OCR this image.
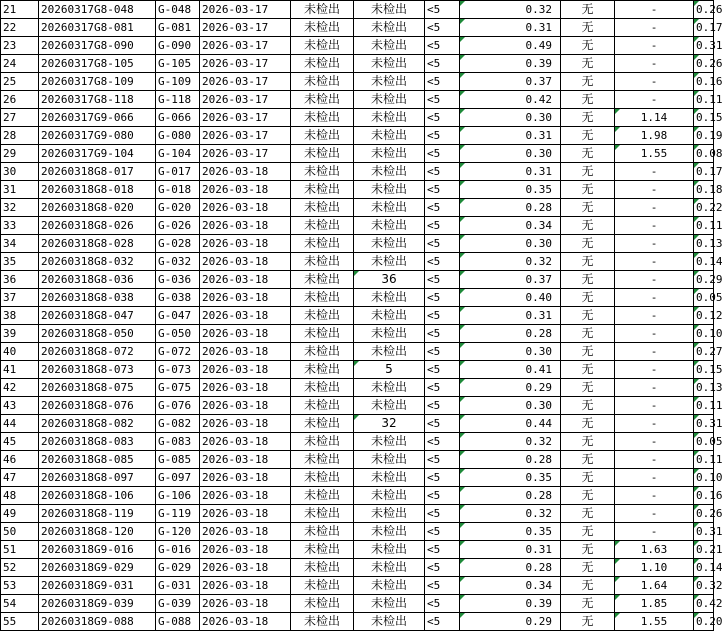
21	20260317G8-048	G-048	2026-03-17	未检出	未检出	<5	0.32	无	-	0.26
22	20260317G8-081	G-081	2026-03-17	未检出	未检出	<5	0.31	无	-	0.17
23	20260317G8-090	G-090	2026-03-17	未检出	未检出	<5	0.49	无	-	0.31
24	20260317G8-105	G-105	2026-03-17	未检出	未检出	<5	0.39	无	-	0.26
25	20260317G8-109	G-109	2026-03-17	未检出	未检出	<5	0.37	无	-	0.16
26	20260317G8-118	G-118	2026-03-17	未检出	未检出	<5	0.42	无	-	0.11
27	20260317G9-066	G-066	2026-03-17	未检出	未检出	<5	0.30	无	1.14	0.15
28	20260317G9-080	G-080	2026-03-17	未检出	未检出	<5	0.31	无	1.98	0.19
29	20260317G9-104	G-104	2026-03-17	未检出	未检出	<5	0.30	无	1.55	0.08
30	20260318G8-017	G-017	2026-03-18	未检出	未检出	<5	0.31	无	-	0.17
31	20260318G8-018	G-018	2026-03-18	未检出	未检出	<5	0.35	无	-	0.18
32	20260318G8-020	G-020	2026-03-18	未检出	未检出	<5	0.28	无	-	0.22
33	20260318G8-026	G-026	2026-03-18	未检出	未检出	<5	0.34	无	-	0.11
34	20260318G8-028	G-028	2026-03-18	未检出	未检出	<5	0.30	无	-	0.13
35	20260318G8-032	G-032	2026-03-18	未检出	未检出	<5	0.32	无	-	0.14
36	20260318G8-036	G-036	2026-03-18	未检出	36	<5	0.37	无	-	0.29
37	20260318G8-038	G-038	2026-03-18	未检出	未检出	<5	0.40	无	-	0.05
38	20260318G8-047	G-047	2026-03-18	未检出	未检出	<5	0.31	无	-	0.12
39	20260318G8-050	G-050	2026-03-18	未检出	未检出	<5	0.28	无	-	0.10
40	20260318G8-072	G-072	2026-03-18	未检出	未检出	<5	0.30	无	-	0.27
41	20260318G8-073	G-073	2026-03-18	未检出	5	<5	0.41	无	-	0.15
42	20260318G8-075	G-075	2026-03-18	未检出	未检出	<5	0.29	无	-	0.13
43	20260318G8-076	G-076	2026-03-18	未检出	未检出	<5	0.30	无	-	0.11
44	20260318G8-082	G-082	2026-03-18	未检出	32	<5	0.44	无	-	0.31
45	20260318G8-083	G-083	2026-03-18	未检出	未检出	<5	0.32	无	-	0.05
46	20260318G8-085	G-085	2026-03-18	未检出	未检出	<5	0.28	无	-	0.11
47	20260318G8-097	G-097	2026-03-18	未检出	未检出	<5	0.35	无	-	0.10
48	20260318G8-106	G-106	2026-03-18	未检出	未检出	<5	0.28	无	-	0.16
49	20260318G8-119	G-119	2026-03-18	未检出	未检出	<5	0.32	无	-	0.26
50	20260318G8-120	G-120	2026-03-18	未检出	未检出	<5	0.35	无	-	0.31
51	20260318G9-016	G-016	2026-03-18	未检出	未检出	<5	0.31	无	1.63	0.21
52	20260318G9-029	G-029	2026-03-18	未检出	未检出	<5	0.28	无	1.10	0.14
53	20260318G9-031	G-031	2026-03-18	未检出	未检出	<5	0.34	无	1.64	0.32
54	20260318G9-039	G-039	2026-03-18	未检出	未检出	<5	0.39	无	1.85	0.42
55	20260318G9-088	G-088	2026-03-18	未检出	未检出	<5	0.29	无	1.55	0.20
